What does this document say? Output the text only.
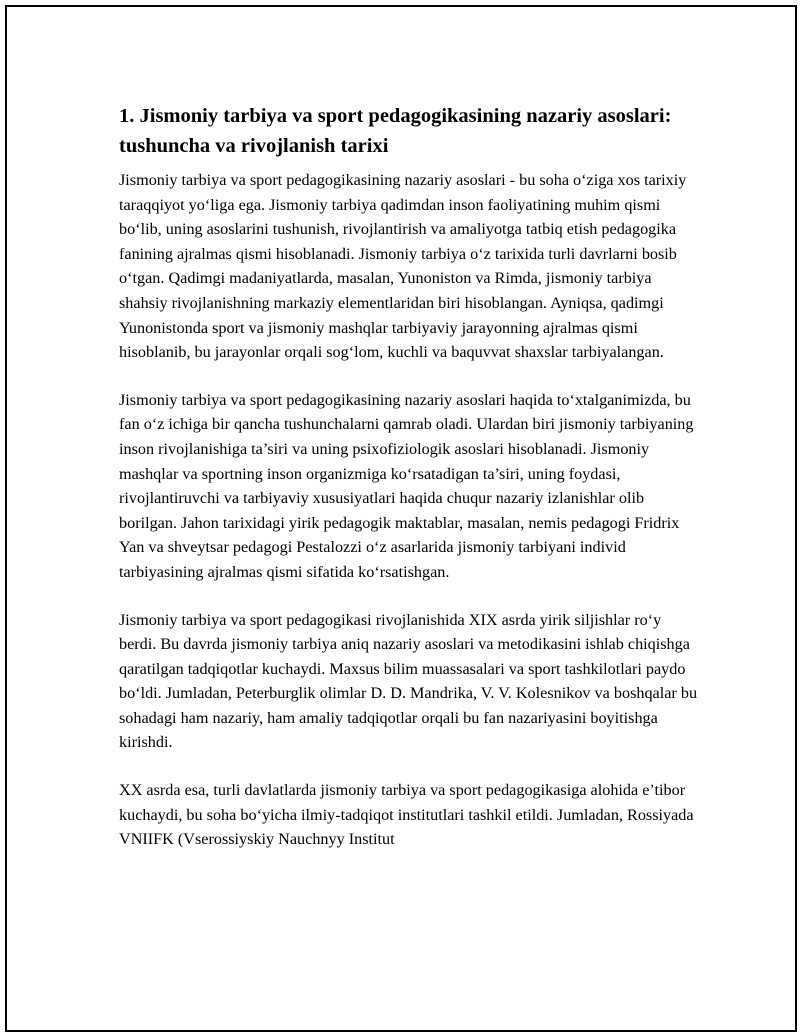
1. Jismoniy tarbiya va sport pedagogikasining nazariy asoslari: tushuncha va rivojlanish tarixi

Jismoniy tarbiya va sport pedagogikasining nazariy asoslari - bu soha o‘ziga xos tarixiy taraqqiyot yo‘liga ega. Jismoniy tarbiya qadimdan inson faoliyatining muhim qismi bo‘lib, uning asoslarini tushunish, rivojlantirish va amaliyotga tatbiq etish pedagogika fanining ajralmas qismi hisoblanadi. Jismoniy tarbiya o‘z tarixida turli davrlarni bosib o‘tgan. Qadimgi madaniyatlarda, masalan, Yunoniston va Rimda, jismoniy tarbiya shahsiy rivojlanishning markaziy elementlaridan biri hisoblangan. Ayniqsa, qadimgi Yunonistonda sport va jismoniy mashqlar tarbiyaviy jarayonning ajralmas qismi hisoblanib, bu jarayonlar orqali sog‘lom, kuchli va baquvvat shaxslar tarbiyalangan.

Jismoniy tarbiya va sport pedagogikasining nazariy asoslari haqida to‘xtalganimizda, bu fan o‘z ichiga bir qancha tushunchalarni qamrab oladi. Ulardan biri jismoniy tarbiyaning inson rivojlanishiga ta’siri va uning psixofiziologik asoslari hisoblanadi. Jismoniy mashqlar va sportning inson organizmiga ko‘rsatadigan ta’siri, uning foydasi, rivojlantiruvchi va tarbiyaviy xususiyatlari haqida chuqur nazariy izlanishlar olib borilgan. Jahon tarixidagi yirik pedagogik maktablar, masalan, nemis pedagogi Fridrix Yan va shveytsar pedagogi Pestalozzi o‘z asarlarida jismoniy tarbiyani individ tarbiyasining ajralmas qismi sifatida ko‘rsatishgan.

Jismoniy tarbiya va sport pedagogikasi rivojlanishida XIX asrda yirik siljishlar ro‘y berdi. Bu davrda jismoniy tarbiya aniq nazariy asoslari va metodikasini ishlab chiqishga qaratilgan tadqiqotlar kuchaydi. Maxsus bilim muassasalari va sport tashkilotlari paydo bo‘ldi. Jumladan, Peterburglik olimlar D. D. Mandrika, V. V. Kolesnikov va boshqalar bu sohadagi ham nazariy, ham amaliy tadqiqotlar orqali bu fan nazariyasini boyitishga kirishdi.

XX asrda esa, turli davlatlarda jismoniy tarbiya va sport pedagogikasiga alohida e’tibor kuchaydi, bu soha bo‘yicha ilmiy-tadqiqot institutlari tashkil etildi. Jumladan, Rossiyada VNIIFK (Vserossiyskiy Nauchnyy Institut
